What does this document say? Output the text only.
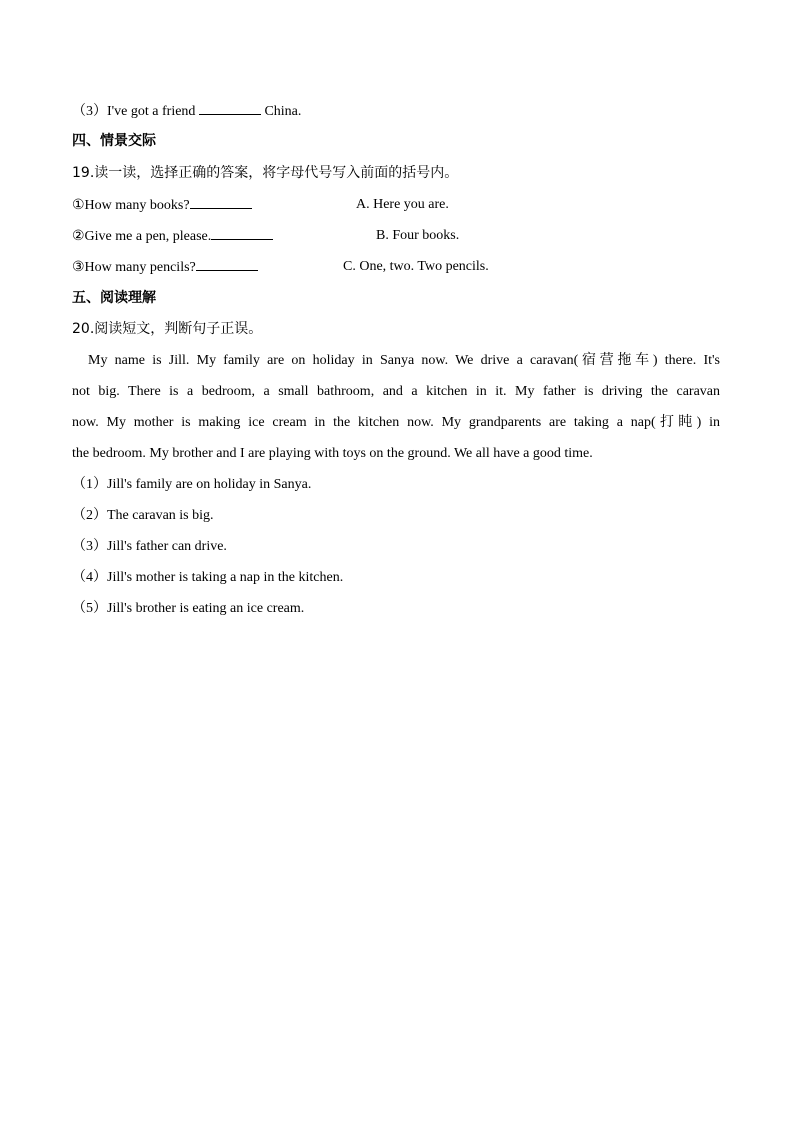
（3）I've got a friend	China.
四、情景交际
19.读一读，选择正确的答案，将字母代号写入前面的括号内。
①How many books?	A. Here you are.
②Give me a pen, please.	B. Four books.
③How many pencils?	C. One, two. Two pencils.
五、阅读理解
20.阅读短文，判断句子正误。
My name is Jill. My family are on holiday in Sanya now. We drive a caravan(宿营拖车) there. It's
not big. There is a bedroom, a small bathroom, and a kitchen in it. My father is driving the caravan
now. My mother is making ice cream in the kitchen now. My grandparents are taking a nap(打盹) in
the bedroom. My brother and I are playing with toys on the ground. We all have a good time.
（1）Jill's family are on holiday in Sanya.
（2）The caravan is big.
（3）Jill's father can drive.
（4）Jill's mother is taking a nap in the kitchen.
（5）Jill's brother is eating an ice cream.
